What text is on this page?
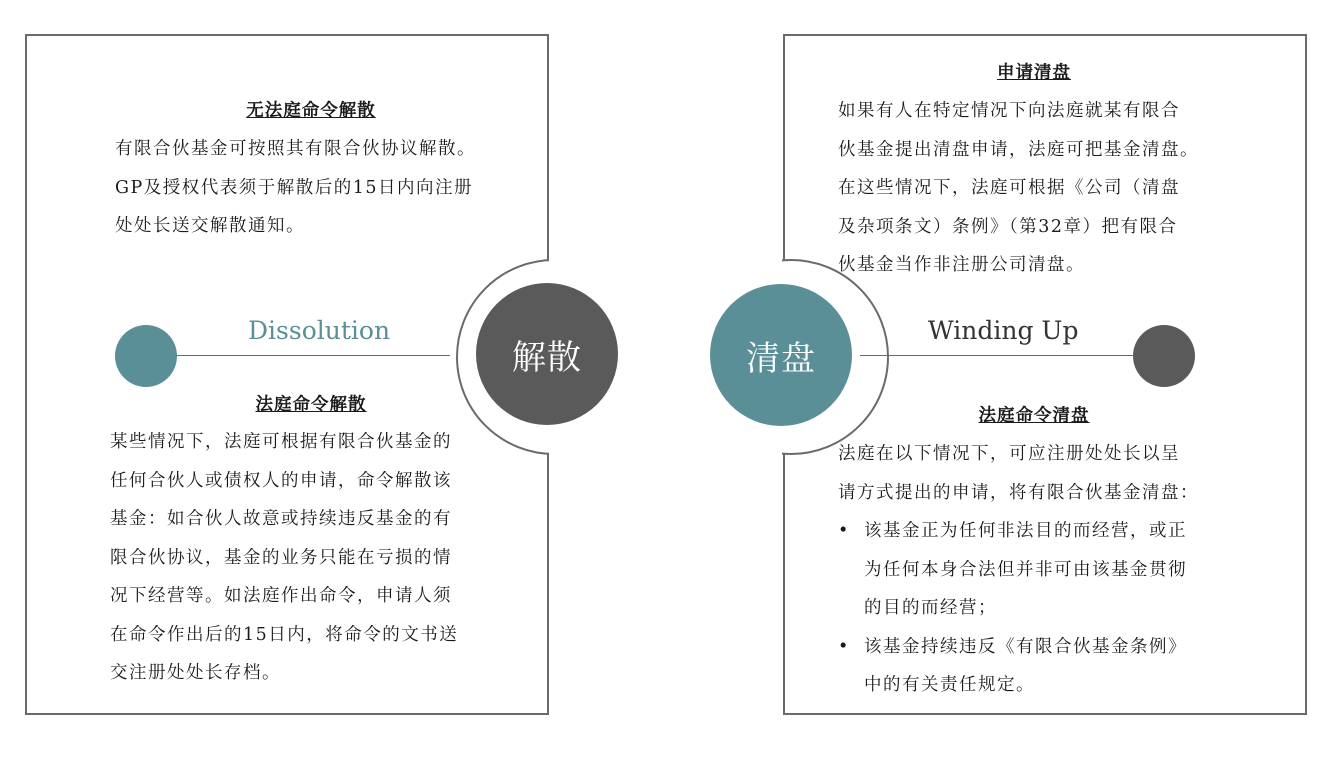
解散	清盘
Dissolution	Winding Up
无法庭命令解散
有限合伙基金可按照其有限合伙协议解散。
GP及授权代表须于解散后的15日内向注册
处处长送交解散通知。
法庭命令解散
某些情况下，法庭可根据有限合伙基金的
任何合伙人或债权人的申请，命令解散该
基金：如合伙人故意或持续违反基金的有
限合伙协议，基金的业务只能在亏损的情
况下经营等。如法庭作出命令，申请人须
在命令作出后的15日内，将命令的文书送
交注册处处长存档。
申请清盘
如果有人在特定情况下向法庭就某有限合
伙基金提出清盘申请，法庭可把基金清盘。
在这些情况下，法庭可根据《公司（清盘
及杂项条文）条例》（第32章）把有限合
伙基金当作非注册公司清盘。
法庭命令清盘
法庭在以下情况下，可应注册处处长以呈
请方式提出的申请，将有限合伙基金清盘：
• 该基金正为任何非法目的而经营，或正
为任何本身合法但并非可由该基金贯彻
的目的而经营；
• 该基金持续违反《有限合伙基金条例》
中的有关责任规定。
